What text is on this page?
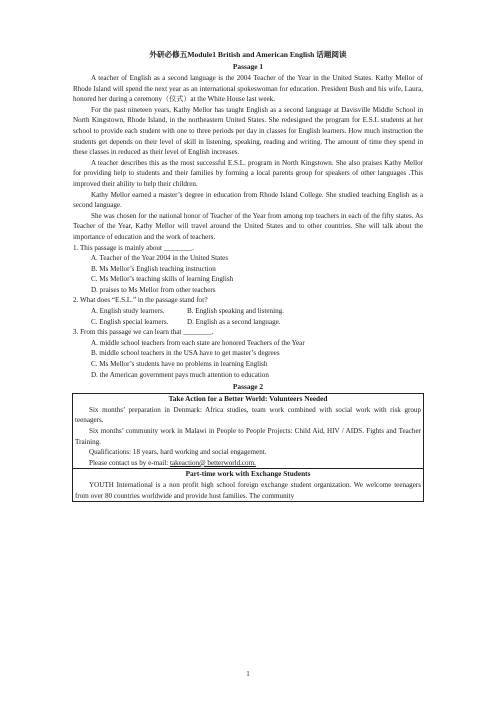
外研必修五Module1 British and American English 话题阅读
Passage 1

A teacher of English as a second language is the 2004 Teacher of the Year in the United States. Kathy Mellor of Rhode Island will spend the next year as an international spokeswoman for education. President Bush and his wife, Laura, honored her during a ceremony（仪式）at the White House last week.

For the past nineteen years, Kathy Mellor has taught English as a second language at Davisville Middle School in North Kingstown, Rhode Island, in the northeastern United States. She redesigned the program for E.S.L students at her school to provide each student with one to three periods per day in classes for English learners. How much instruction the students get depends on their level of skill in listening, speaking, reading and writing. The amount of time they spend in these classes in reduced as their level of English increases.

A teacher describes this as the most successful E.S.L. program in North Kingstown. She also praises Kathy Mellor for providing help to students and their families by forming a local parents group for speakers of other languages .This improved their ability to help their children.

Kathy Mellor earned a master’s degree in education from Rhode Island College. She studied teaching English as a second language.

She was chosen for the national honor of Teacher of the Year from among top teachers in each of the fifty states. As Teacher of the Year, Kathy Mellor will travel around the United States and to other countries. She will talk about the importance of education and the work of teachers.

1. This passage is mainly about ________.
A. Teacher of the Year 2004 in the United States
B. Ms Mellor’s English teaching instruction
C. Ms Mellor’s teaching skills of learning English
D. praises to Ms Mellor from other teachers
2. What does “E.S.L.” in the passage stand for?
A. English study learners.	B. English speaking and listening.
C. English special learners.	D. English as a second language.
3. From this passage we can learn that ________.
A. middle school teachers from each state are honored Teachers of the Year
B. middle school teachers in the USA have to get master’s degrees
C. Ms Mellor’s students have no problems in learning English
D. the American government pays much attention to education
Passage 2
Take Action for a Better World: Volunteers Needed
Six months’ preparation in Denmark: Africa studies, team work combined with social work with risk group teenagers.
Six months’ community work in Malawi in People to People Projects: Child Aid, HIV / AIDS. Fights and Teacher Training.
Qualifications: 18 years, hard working and social engagement.
Please contact us by e-mail: takeaction@ betterworld.com.

Part-time work with Exchange Students
YOUTH International is a non profit high school foreign exchange student organization. We welcome teenagers from over 80 countries worldwide and provide host families. The community
1
